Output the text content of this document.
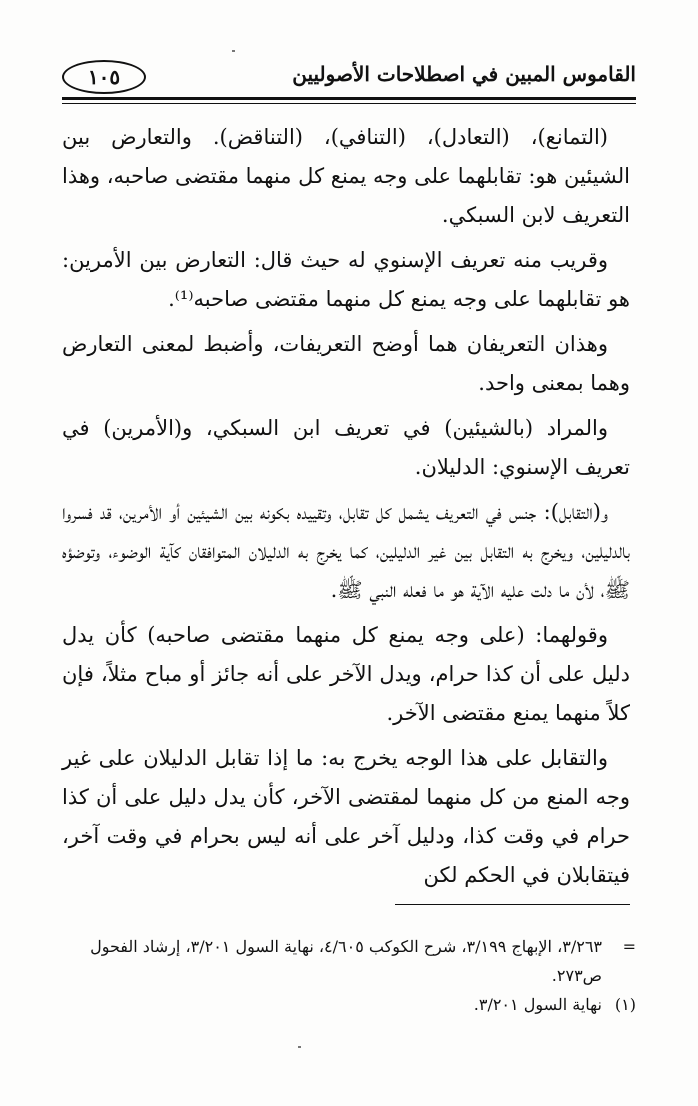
القاموس المبين في اصطلاحات الأصوليين
١٠٥

(التمانع)، (التعادل)، (التنافي)، (التناقض). والتعارض بين الشيئين هو: تقابلهما على وجه يمنع كل منهما مقتضى صاحبه، وهذا التعريف لابن السبكي.

وقريب منه تعريف الإسنوي له حيث قال: التعارض بين الأمرين: هو تقابلهما على وجه يمنع كل منهما مقتضى صاحبه⁽¹⁾.

وهذان التعريفان هما أوضح التعريفات، وأضبط لمعنى التعارض وهما بمعنى واحد.

والمراد (بالشيئين) في تعريف ابن السبكي، و(الأمرين) في تعريف الإسنوي: الدليلان.

و(التقابل): جنس في التعريف يشمل كل تقابل، وتقييده بكونه بين الشيئين أو الأمرين، قد فسروا بالدليلين، ويخرج به التقابل بين غير الدليلين، كما يخرج به الدليلان المتوافقان كآية الوضوء، وتوضؤه ﷺ، لأن ما دلت عليه الآية هو ما فعله النبي ﷺ.

وقولهما: (على وجه يمنع كل منهما مقتضى صاحبه) كأن يدل دليل على أن كذا حرام، ويدل الآخر على أنه جائز أو مباح مثلاً، فإن كلاً منهما يمنع مقتضى الآخر.

والتقابل على هذا الوجه يخرج به: ما إذا تقابل الدليلان على غير وجه المنع من كل منهما لمقتضى الآخر، كأن يدل دليل على أن كذا حرام في وقت كذا، ودليل آخر على أنه ليس بحرام في وقت آخر، فيتقابلان في الحكم لكن

=
٣/٢٦٣، الإبهاج ٣/١٩٩، شرح الكوكب ٤/٦٠٥، نهاية السول ٣/٢٠١، إرشاد الفحول ص٢٧٣.
(١)
نهاية السول ٣/٢٠١.
